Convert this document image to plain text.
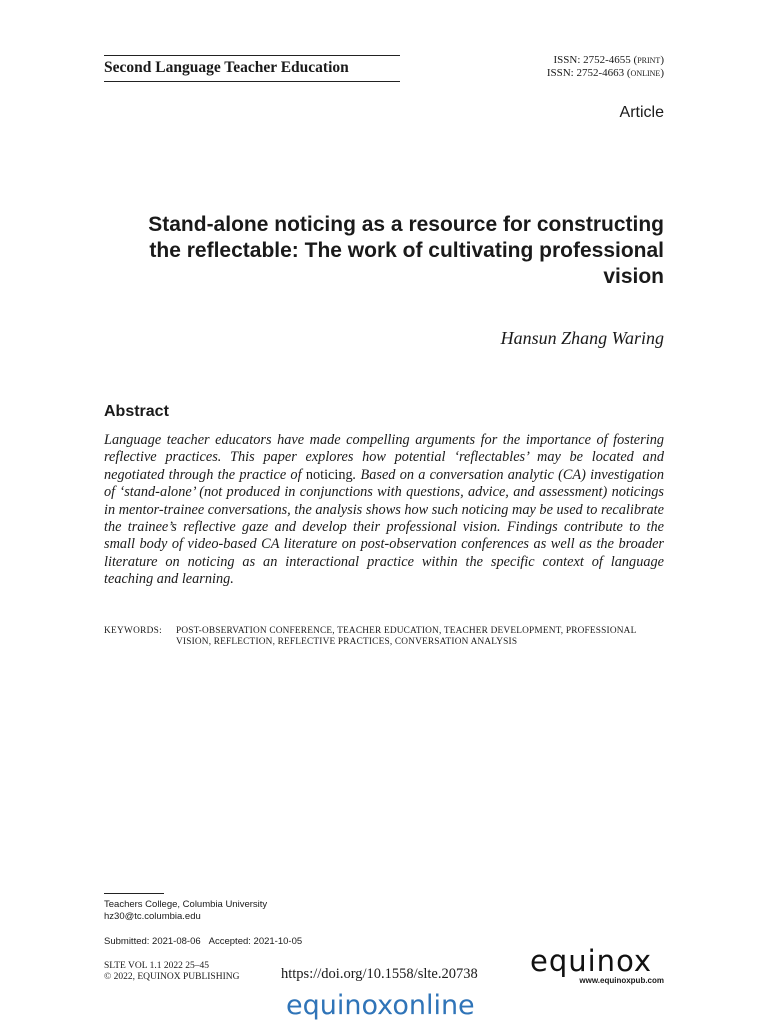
Second Language Teacher Education	ISSN: 2752-4655 (print)
ISSN: 2752-4663 (online)
Article
Stand-alone noticing as a resource for constructing the reflectable: The work of cultivating professional vision
Hansun Zhang Waring
Abstract
Language teacher educators have made compelling arguments for the importance of fostering reflective practices. This paper explores how potential ‘reflectables’ may be located and negotiated through the practice of noticing. Based on a conversation analytic (CA) investigation of ‘stand-alone’ (not produced in conjunctions with questions, advice, and assessment) noticings in mentor-trainee conversations, the analysis shows how such noticing may be used to recalibrate the trainee’s reflective gaze and develop their professional vision. Findings contribute to the small body of video-based CA literature on post-observation conferences as well as the broader literature on noticing as an interactional practice within the specific context of language teaching and learning.
KEYWORDS:	POST-OBSERVATION CONFERENCE, TEACHER EDUCATION, TEACHER DEVELOPMENT, PROFESSIONAL VISION, REFLECTION, REFLECTIVE PRACTICES, CONVERSATION ANALYSIS
Teachers College, Columbia University
hz30@tc.columbia.edu
Submitted: 2021-08-06 Accepted: 2021-10-05
SLTE VOL 1.1 2022 25–45
© 2022, EQUINOX PUBLISHING	https://doi.org/10.1558/slte.20738 equinox
www.equinoxpub.com
equinoxonline
